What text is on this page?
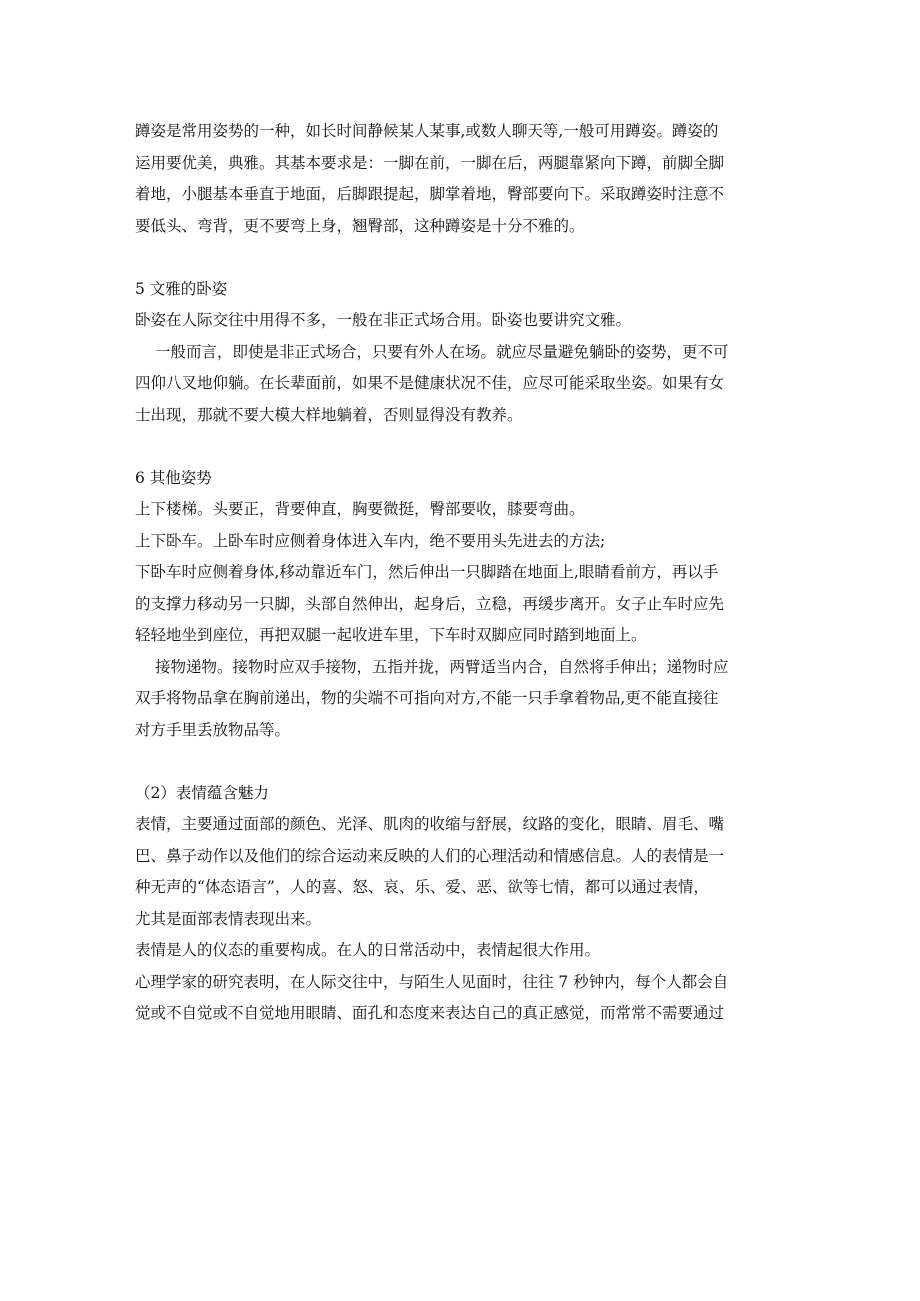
蹲姿是常用姿势的一种，如长时间静候某人某事,或数人聊天等,一般可用蹲姿。蹲姿的
运用要优美，典雅。其基本要求是：一脚在前，一脚在后，两腿靠紧向下蹲，前脚全脚
着地，小腿基本垂直于地面，后脚跟提起，脚掌着地，臀部要向下。采取蹲姿时注意不
要低头、弯背，更不要弯上身，翘臀部，这种蹲姿是十分不雅的。
5 文雅的卧姿
卧姿在人际交往中用得不多，一般在非正式场合用。卧姿也要讲究文雅。
一般而言，即使是非正式场合，只要有外人在场。就应尽量避免躺卧的姿势，更不可
四仰八叉地仰躺。在长辈面前，如果不是健康状况不佳，应尽可能采取坐姿。如果有女
士出现，那就不要大模大样地躺着，否则显得没有教养。
6 其他姿势
上下楼梯。头要正，背要伸直，胸要微挺，臀部要收，膝要弯曲。
上下卧车。上卧车时应侧着身体进入车内，绝不要用头先进去的方法;
下卧车时应侧着身体,移动靠近车门，然后伸出一只脚踏在地面上,眼睛看前方，再以手
的支撑力移动另一只脚，头部自然伸出，起身后，立稳，再缓步离开。女子止车时应先
轻轻地坐到座位，再把双腿一起收进车里，下车时双脚应同时踏到地面上。
接物递物。接物时应双手接物，五指并拢，两臂适当内合，自然将手伸出；递物时应
双手将物品拿在胸前递出，物的尖端不可指向对方,不能一只手拿着物品,更不能直接往
对方手里丢放物品等。
（2）表情蕴含魅力
表情，主要通过面部的颜色、光泽、肌肉的收缩与舒展，纹路的变化，眼睛、眉毛、嘴
巴、鼻子动作以及他们的综合运动来反映的人们的心理活动和情感信息。人的表情是一
种无声的“体态语言”，人的喜、怒、哀、乐、爱、恶、欲等七情，都可以通过表情，
尤其是面部表情表现出来。
表情是人的仪态的重要构成。在人的日常活动中，表情起很大作用。
心理学家的研究表明，在人际交往中，与陌生人见面时，往往 7 秒钟内，每个人都会自
觉或不自觉或不自觉地用眼睛、面孔和态度来表达自己的真正感觉，而常常不需要通过
